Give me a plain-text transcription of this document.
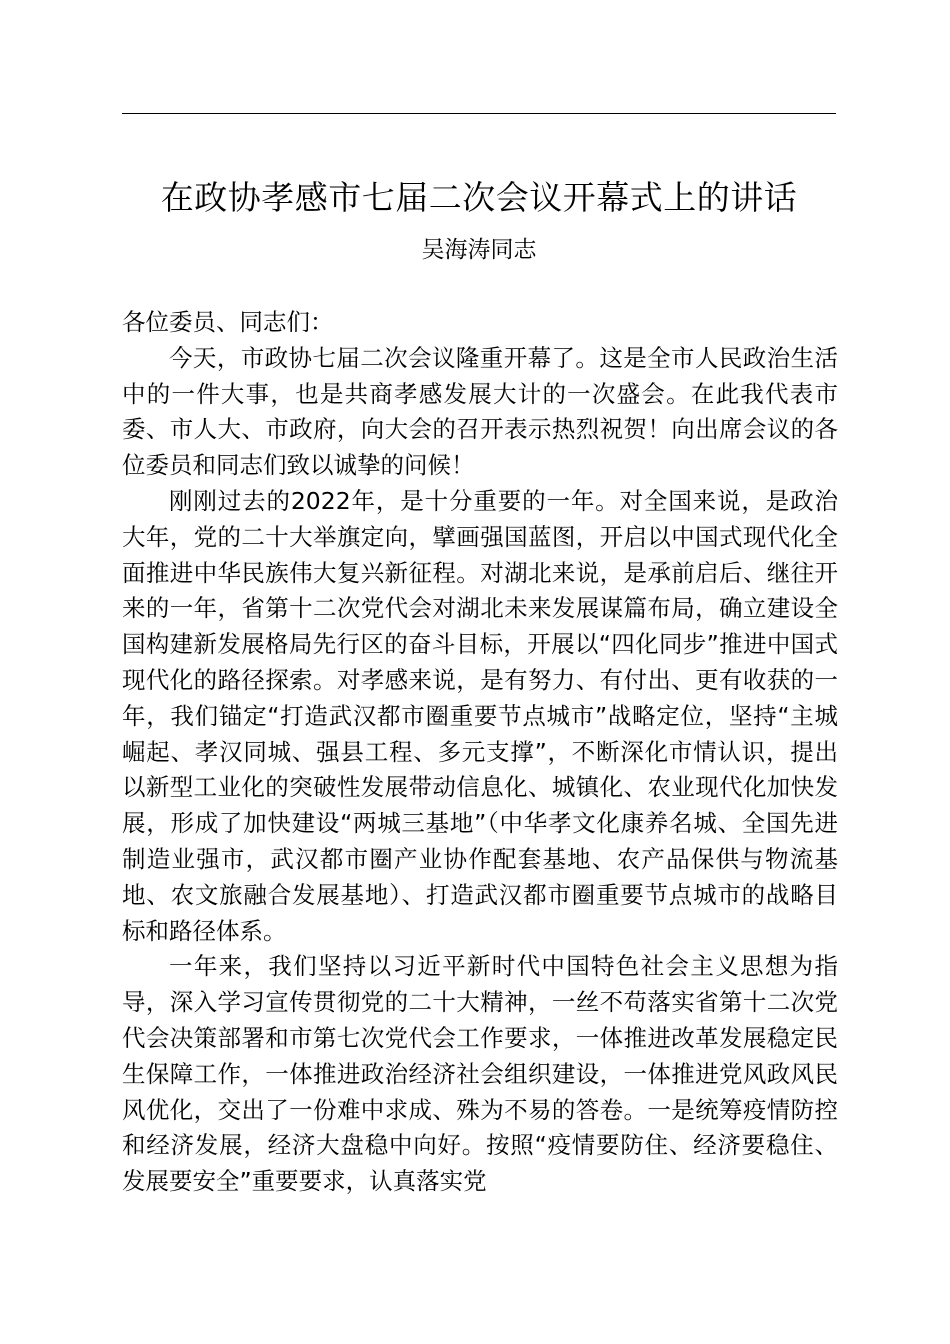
在政协孝感市七届二次会议开幕式上的讲话
吴海涛同志

各位委员、同志们：

今天，市政协七届二次会议隆重开幕了。这是全市人民政治生活中的一件大事，也是共商孝感发展大计的一次盛会。在此我代表市委、市人大、市政府，向大会的召开表示热烈祝贺！向出席会议的各位委员和同志们致以诚挚的问候！

刚刚过去的2022年，是十分重要的一年。对全国来说，是政治大年，党的二十大举旗定向，擘画强国蓝图，开启以中国式现代化全面推进中华民族伟大复兴新征程。对湖北来说，是承前启后、继往开来的一年，省第十二次党代会对湖北未来发展谋篇布局，确立建设全国构建新发展格局先行区的奋斗目标，开展以“四化同步”推进中国式现代化的路径探索。对孝感来说，是有努力、有付出、更有收获的一年，我们锚定“打造武汉都市圈重要节点城市”战略定位，坚持“主城崛起、孝汉同城、强县工程、多元支撑”，不断深化市情认识，提出以新型工业化的突破性发展带动信息化、城镇化、农业现代化加快发展，形成了加快建设“两城三基地”（中华孝文化康养名城、全国先进制造业强市，武汉都市圈产业协作配套基地、农产品保供与物流基地、农文旅融合发展基地）、打造武汉都市圈重要节点城市的战略目标和路径体系。

一年来，我们坚持以习近平新时代中国特色社会主义思想为指导，深入学习宣传贯彻党的二十大精神，一丝不苟落实省第十二次党代会决策部署和市第七次党代会工作要求，一体推进改革发展稳定民生保障工作，一体推进政治经济社会组织建设，一体推进党风政风民风优化，交出了一份难中求成、殊为不易的答卷。一是统筹疫情防控和经济发展，经济大盘稳中向好。按照“疫情要防住、经济要稳住、发展要安全”重要要求，认真落实党
